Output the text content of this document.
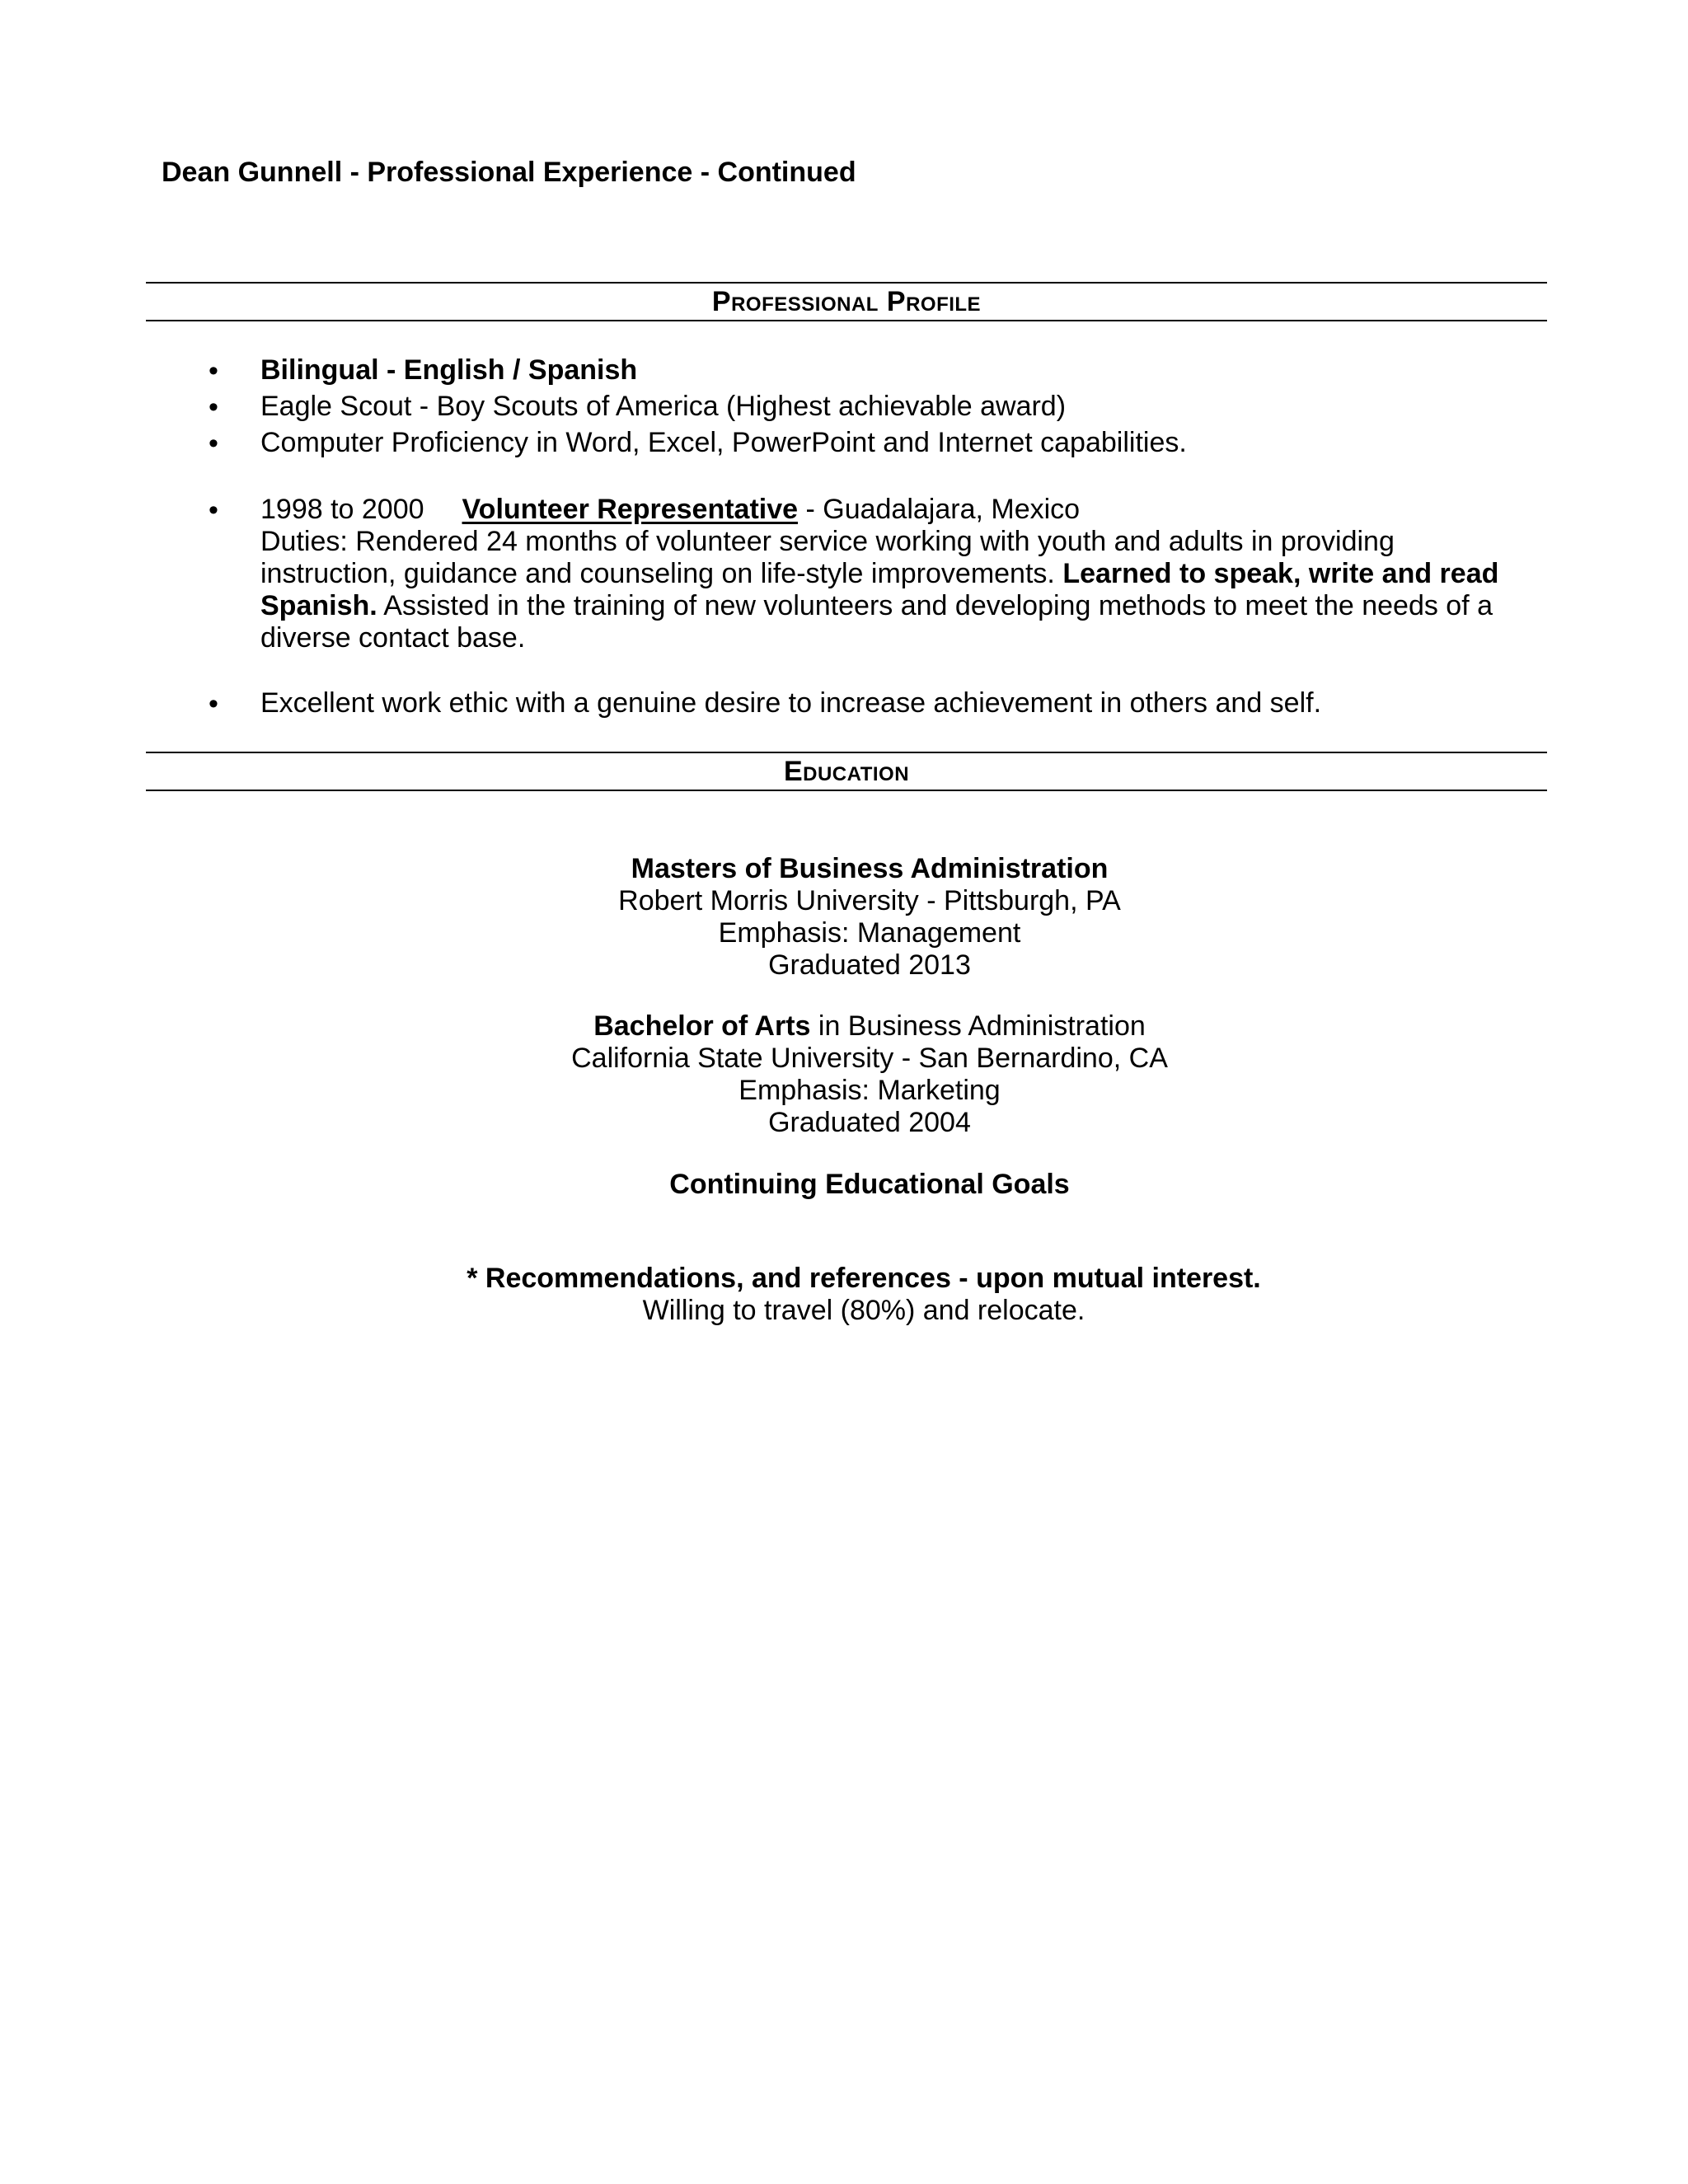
Dean Gunnell - Professional Experience - Continued
Professional Profile
• Bilingual - English / Spanish

• Eagle Scout - Boy Scouts of America (Highest achievable award)

• Computer Proficiency in Word, Excel, PowerPoint and Internet capabilities.

• 1998 to 2000 Volunteer Representative - Guadalajara, Mexico

Duties: Rendered 24 months of volunteer service working with youth and adults in providing instruction, guidance and counseling on life-style improvements. Learned to speak, write and read Spanish. Assisted in the training of new volunteers and developing methods to meet the needs of a diverse contact base.

• Excellent work ethic with a genuine desire to increase achievement in others and self.

Education

Masters of Business Administration

Robert Morris University - Pittsburgh, PA

Emphasis: Management

Graduated 2013

Bachelor of Arts in Business Administration

California State University - San Bernardino, CA

Emphasis: Marketing

Graduated 2004

Continuing Educational Goals

* Recommendations, and references - upon mutual interest.

Willing to travel (80%) and relocate.
